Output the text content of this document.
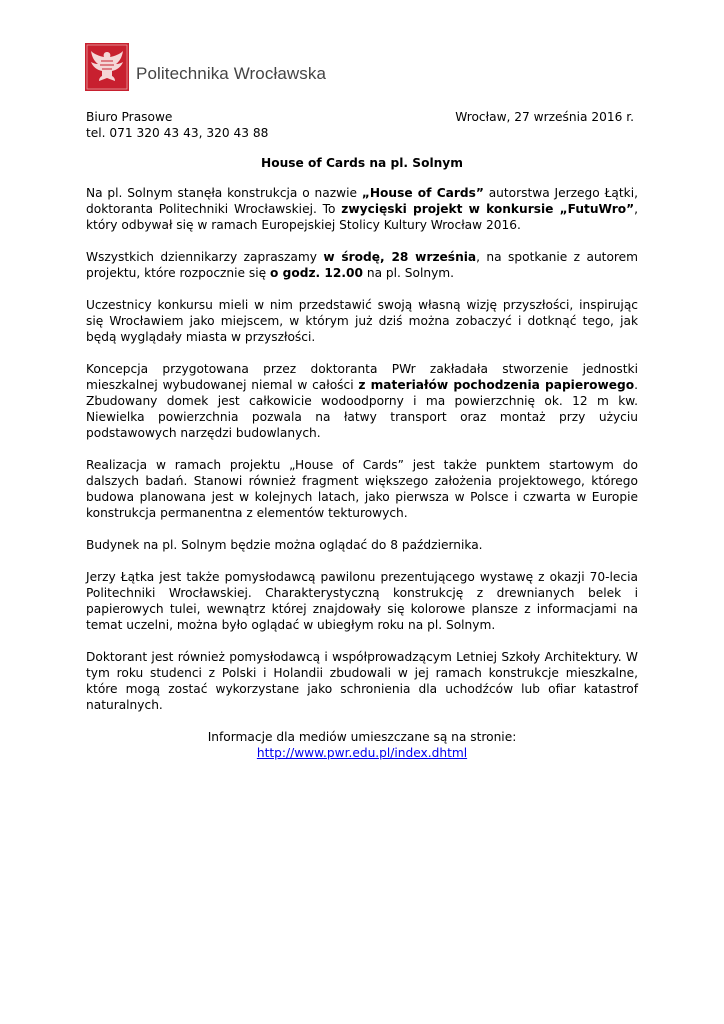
Politechnika Wrocławska
Biuro Prasowe
tel. 071 320 43 43, 320 43 88
Wrocław, 27 września 2016 r.
House of Cards na pl. Solnym

Na pl. Solnym stanęła konstrukcja o nazwie „House of Cards” autorstwa Jerzego Łątki, doktoranta Politechniki Wrocławskiej. To zwycięski projekt w konkursie „FutuWro”, który odbywał się w ramach Europejskiej Stolicy Kultury Wrocław 2016.

Wszystkich dziennikarzy zapraszamy w środę, 28 września, na spotkanie z autorem projektu, które rozpocznie się o godz. 12.00 na pl. Solnym.

Uczestnicy konkursu mieli w nim przedstawić swoją własną wizję przyszłości, inspirując się Wrocławiem jako miejscem, w którym już dziś można zobaczyć i dotknąć tego, jak będą wyglądały miasta w przyszłości.

Koncepcja przygotowana przez doktoranta PWr zakładała stworzenie jednostki mieszkalnej wybudowanej niemal w całości z materiałów pochodzenia papierowego. Zbudowany domek jest całkowicie wodoodporny i ma powierzchnię ok. 12 m kw. Niewielka powierzchnia pozwala na łatwy transport oraz montaż przy użyciu podstawowych narzędzi budowlanych.

Realizacja w ramach projektu „House of Cards” jest także punktem startowym do dalszych badań. Stanowi również fragment większego założenia projektowego, którego budowa planowana jest w kolejnych latach, jako pierwsza w Polsce i czwarta w Europie konstrukcja permanentna z elementów tekturowych.

Budynek na pl. Solnym będzie można oglądać do 8 października.

Jerzy Łątka jest także pomysłodawcą pawilonu prezentującego wystawę z okazji 70-lecia Politechniki Wrocławskiej. Charakterystyczną konstrukcję z drewnianych belek i papierowych tulei, wewnątrz której znajdowały się kolorowe plansze z informacjami na temat uczelni, można było oglądać w ubiegłym roku na pl. Solnym.

Doktorant jest również pomysłodawcą i współprowadzącym Letniej Szkoły Architektury. W tym roku studenci z Polski i Holandii zbudowali w jej ramach konstrukcje mieszkalne, które mogą zostać wykorzystane jako schronienia dla uchodźców lub ofiar katastrof naturalnych.

Informacje dla mediów umieszczane są na stronie:
http://www.pwr.edu.pl/index.dhtml
